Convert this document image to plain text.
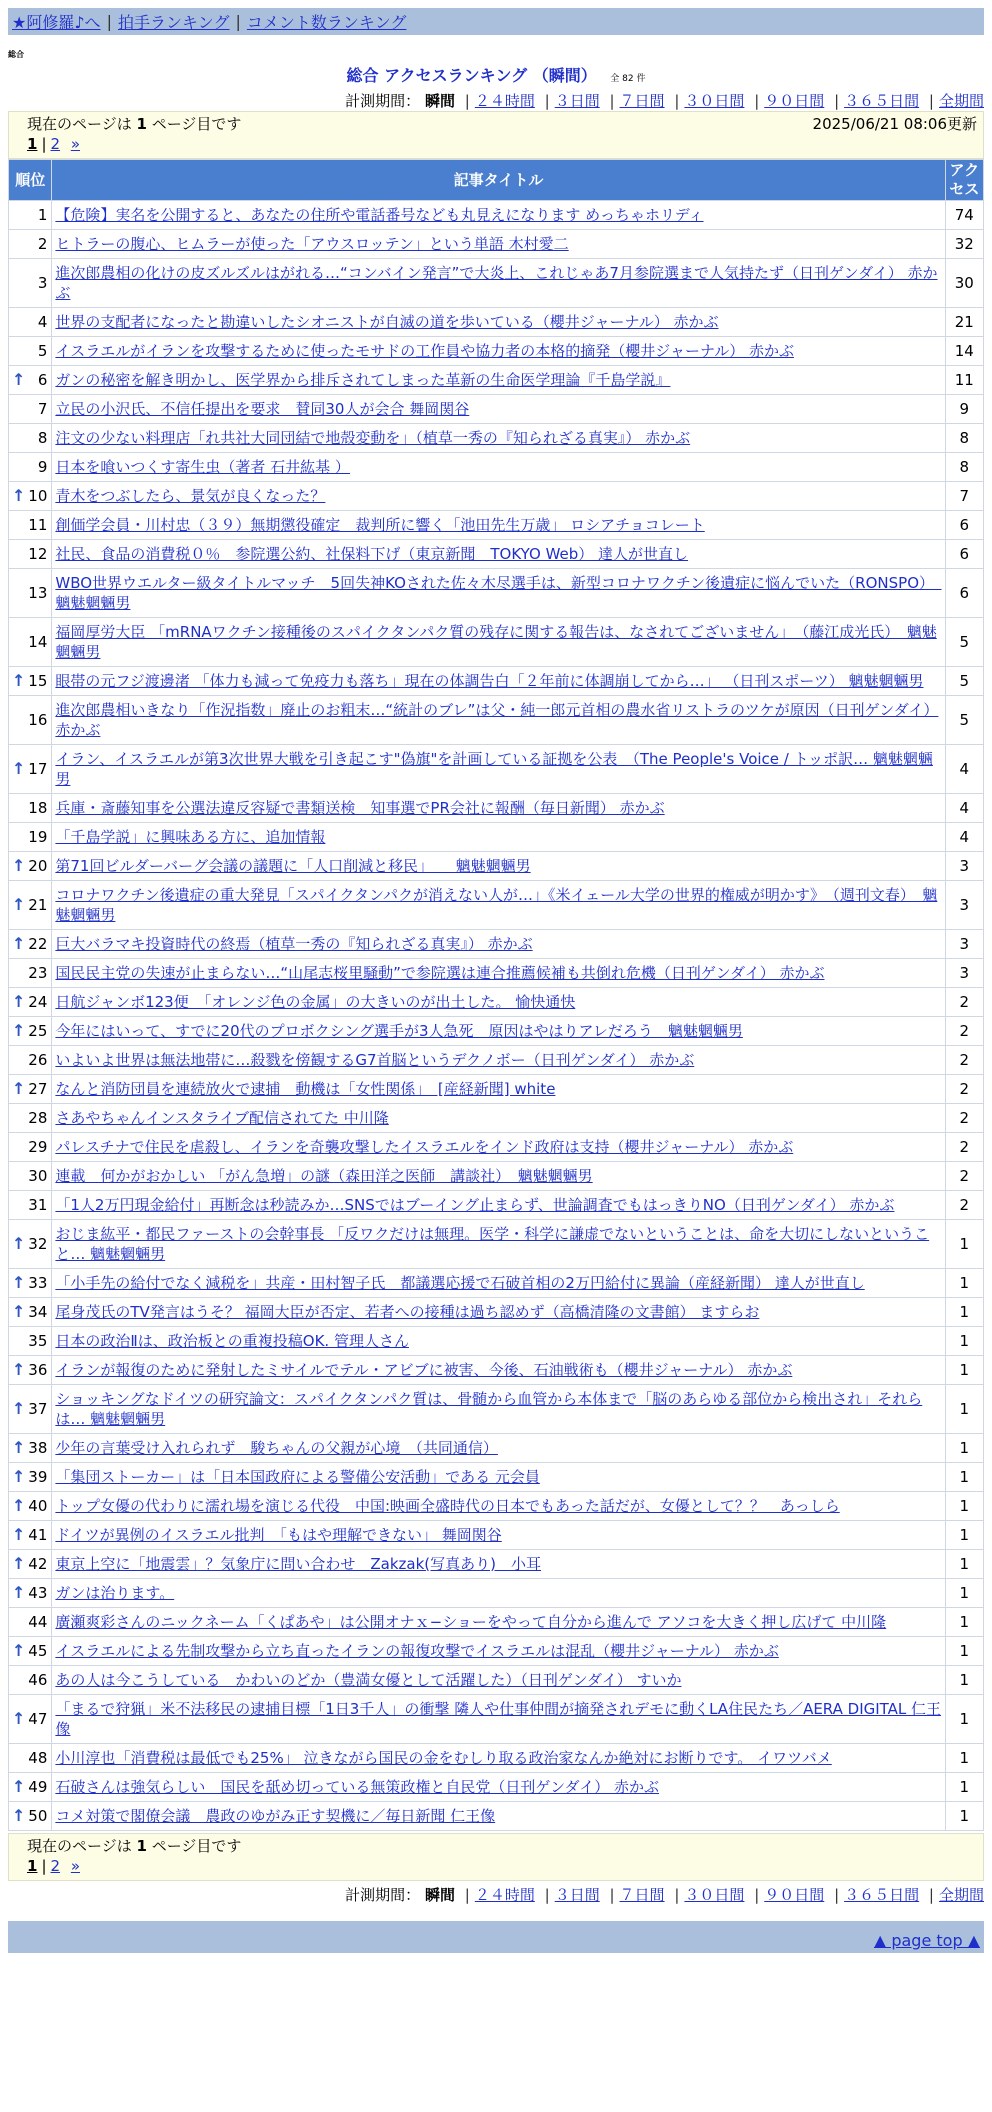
★阿修羅♪へ | 拍手ランキング | コメント数ランキング
総合
総合 アクセスランキング （瞬間） 全 82 件
計測期間： 瞬間 | ２４時間 | ３日間 | ７日間 | ３０日間 | ９０日間 | ３６５日間 | 全期間
現在のページは 1 ページ目です	2025/06/21 08:06更新
1 | 2 »
順位	記事タイトル	アクセス
1	【危険】実名を公開すると、あなたの住所や電話番号なども丸見えになります めっちゃホリディ	74
2	ヒトラーの腹心、ヒムラーが使った「アウスロッテン」という単語 木村愛二	32
3	進次郎農相の化けの皮ズルズルはがれる…“コンバイン発言”で大炎上、これじゃあ7月参院選まで人気持たず（日刊ゲンダイ） 赤かぶ	30
4	世界の支配者になったと勘違いしたシオニストが自滅の道を歩いている（櫻井ジャーナル） 赤かぶ	21
5	イスラエルがイランを攻撃するために使ったモサドの工作員や協力者の本格的摘発（櫻井ジャーナル） 赤かぶ	14

↑ 6	ガンの秘密を解き明かし、医学界から排斥されてしまった革新の生命医学理論『千島学説』	11
7	立民の小沢氏、不信任提出を要求　賛同30人が会合 舞岡関谷	9
8	注文の少ない料理店「れ共社大同団結で地殻変動を」（植草一秀の『知られざる真実』） 赤かぶ	8
9	日本を喰いつくす寄生虫（著者 石井紘基 ）	8

↑ 10	青木をつぶしたら、景気が良くなった？	7
11	創価学会員・川村忠（３９）無期懲役確定　裁判所に響く「池田先生万歳」 ロシアチョコレート	6
12	社民、食品の消費税０％　参院選公約、社保料下げ（東京新聞　TOKYO Web） 達人が世直し	6
13	WBO世界ウエルター級タイトルマッチ　5回失神KOされた佐々木尽選手は、新型コロナワクチン後遺症に悩んでいた（RONSPO）　魑魅魍魎男	6
14	福岡厚労大臣 「mRNAワクチン接種後のスパイクタンパク質の残存に関する報告は、なされてございません」　（藤江成光氏）　魑魅魍魎男	5

↑ 15	眼帯の元フジ渡邊渚 「体力も減って免疫力も落ち」現在の体調告白「２年前に体調崩してから…」 （日刊スポーツ） 魑魅魍魎男	5
16	進次郎農相いきなり「作況指数」廃止のお粗末…“統計のブレ”は父・純一郎元首相の農水省リストラのツケが原因（日刊ゲンダイ） 赤かぶ	5

↑ 17	イラン、イスラエルが第3次世界大戦を引き起こす"偽旗"を計画している証拠を公表　（The People's Voice / トッポ訳… 魑魅魍魎男	4
18	兵庫・斎藤知事を公選法違反容疑で書類送検　知事選でPR会社に報酬（毎日新聞） 赤かぶ	4
19	「千島学説」に興味ある方に、追加情報	4

↑ 20	第71回ビルダーバーグ会議の議題に「人口削減と移民」　　魑魅魍魎男	3

↑ 21	コロナワクチン後遺症の重大発見「スパイクタンパクが消えない人が…」《米イェール大学の世界的権威が明かす》　（週刊文春）　魑魅魍魎男	3

↑ 22	巨大バラマキ投資時代の終焉（植草一秀の『知られざる真実』） 赤かぶ	3
23	国民民主党の失速が止まらない…“山尾志桜里騒動”で参院選は連合推薦候補も共倒れ危機（日刊ゲンダイ） 赤かぶ	3

↑ 24	日航ジャンボ123便　「オレンジ色の金属」の大きいのが出土した。 愉快通快	2

↑ 25	今年にはいって、すでに20代のプロボクシング選手が3人急死　原因はやはりアレだろう　魑魅魍魎男	2
26	いよいよ世界は無法地帯に…殺戮を傍観するG7首脳というデクノボー（日刊ゲンダイ） 赤かぶ	2

↑ 27	なんと消防団員を連続放火で逮捕　動機は「女性関係」　[産経新聞] white	2
28	さあやちゃんインスタライブ配信されてた 中川隆	2
29	パレスチナで住民を虐殺し、イランを奇襲攻撃したイスラエルをインド政府は支持（櫻井ジャーナル） 赤かぶ	2
30	連載　何かがおかしい 「がん急増」の謎（森田洋之医師　講談社）　魑魅魍魎男	2
31	「1人2万円現金給付」再断念は秒読みか…SNSではブーイング止まらず、世論調査でもはっきりNO（日刊ゲンダイ） 赤かぶ	2

↑ 32	おじま紘平・都民ファーストの会幹事長 「反ワクだけは無理。医学・科学に謙虚でないということは、命を大切にしないということ… 魑魅魍魎男	1

↑ 33	「小手先の給付でなく減税を」共産・田村智子氏　都議選応援で石破首相の2万円給付に異論（産経新聞） 達人が世直し	1

↑ 34	尾身茂氏のTV発言はうそ？ 福岡大臣が否定、若者への接種は過ち認めず（高橋清隆の文書館） ますらお	1
35	日本の政治Ⅱは、政治板との重複投稿OK. 管理人さん	1

↑ 36	イランが報復のために発射したミサイルでテル・アビブに被害、今後、石油戦術も（櫻井ジャーナル） 赤かぶ	1

↑ 37	ショッキングなドイツの研究論文：スパイクタンパク質は、骨髄から血管から本体まで「脳のあらゆる部位から検出され」それらは… 魑魅魍魎男	1

↑ 38	少年の言葉受け入れられず　駿ちゃんの父親が心境　（共同通信）	1

↑ 39	「集団ストーカー」は「日本国政府による警備公安活動」である 元会員	1

↑ 40	トップ女優の代わりに濡れ場を演じる代役　中国:映画全盛時代の日本でもあった話だが、女優として？？　あっしら	1

↑ 41	ドイツが異例のイスラエル批判　「もはや理解できない」 舞岡関谷	1

↑ 42	東京上空に「地震雲」？気象庁に問い合わせ　Zakzak(写真あり)　小耳	1

↑ 43	ガンは治ります。	1
44	廣瀬爽彩さんのニックネーム「くぱあや」は公開オナｘ−ショーをやって自分から進んで アソコを大きく押し広げて 中川隆	1

↑ 45	イスラエルによる先制攻撃から立ち直ったイランの報復攻撃でイスラエルは混乱（櫻井ジャーナル） 赤かぶ	1
46	あの人は今こうしている　かわいのどか（豊満女優として活躍した）（日刊ゲンダイ） すいか	1

↑ 47	「まるで狩猟」米不法移民の逮捕目標「1日3千人」の衝撃 隣人や仕事仲間が摘発されデモに動くLA住民たち／AERA DIGITAL 仁王像	1
48	小川淳也「消費税は最低でも25%」 泣きながら国民の金をむしり取る政治家なんか絶対にお断りです。 イワツバメ	1

↑ 49	石破さんは強気らしい　国民を舐め切っている無策政権と自民党（日刊ゲンダイ） 赤かぶ	1

↑ 50	コメ対策で閣僚会議　農政のゆがみ正す契機に／毎日新聞 仁王像	1
現在のページは 1 ページ目です
1 | 2 »
計測期間： 瞬間 | ２４時間 | ３日間 | ７日間 | ３０日間 | ９０日間 | ３６５日間 | 全期間
▲ page top ▲
